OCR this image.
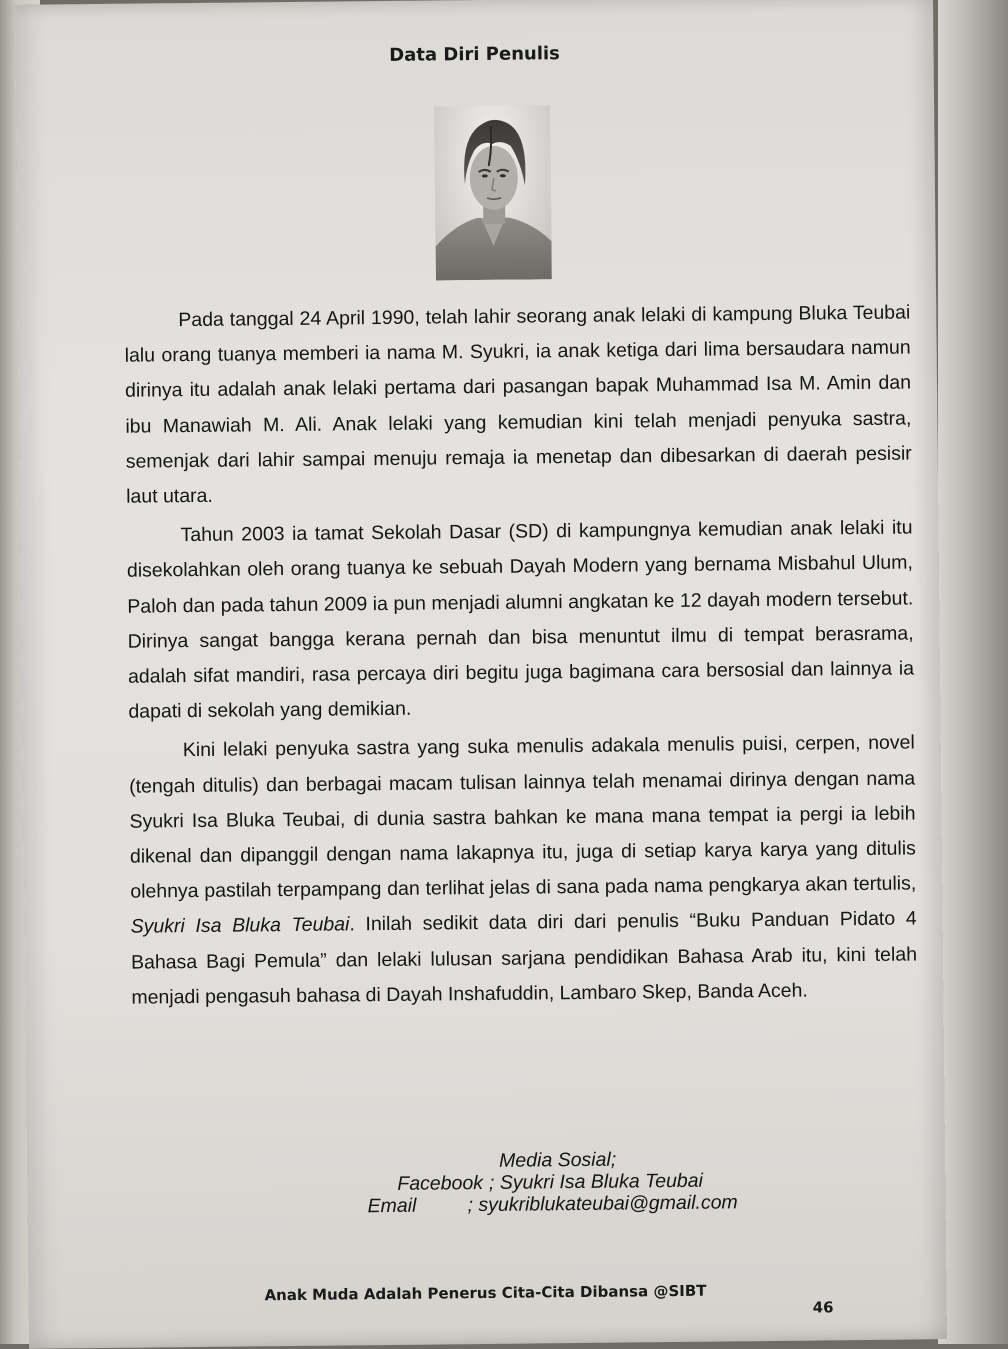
Data Diri Penulis

Pada tanggal 24 April 1990, telah lahir seorang anak lelaki di kampung Bluka Teubai lalu orang tuanya memberi ia nama M. Syukri, ia anak ketiga dari lima bersaudara namun dirinya itu adalah anak lelaki pertama dari pasangan bapak Muhammad Isa M. Amin dan ibu Manawiah M. Ali. Anak lelaki yang kemudian kini telah menjadi penyuka sastra, semenjak dari lahir sampai menuju remaja ia menetap dan dibesarkan di daerah pesisir laut utara.

Tahun 2003 ia tamat Sekolah Dasar (SD) di kampungnya kemudian anak lelaki itu disekolahkan oleh orang tuanya ke sebuah Dayah Modern yang bernama Misbahul Ulum, Paloh dan pada tahun 2009 ia pun menjadi alumni angkatan ke 12 dayah modern tersebut. Dirinya sangat bangga kerana pernah dan bisa menuntut ilmu di tempat berasrama, adalah sifat mandiri, rasa percaya diri begitu juga bagimana cara bersosial dan lainnya ia dapati di sekolah yang demikian.

Kini lelaki penyuka sastra yang suka menulis adakala menulis puisi, cerpen, novel (tengah ditulis) dan berbagai macam tulisan lainnya telah menamai dirinya dengan nama Syukri Isa Bluka Teubai, di dunia sastra bahkan ke mana mana tempat ia pergi ia lebih dikenal dan dipanggil dengan nama lakapnya itu, juga di setiap karya karya yang ditulis olehnya pastilah terpampang dan terlihat jelas di sana pada nama pengkarya akan tertulis, Syukri Isa Bluka Teubai. Inilah sedikit data diri dari penulis “Buku Panduan Pidato 4 Bahasa Bagi Pemula” dan lelaki lulusan sarjana pendidikan Bahasa Arab itu, kini telah menjadi pengasuh bahasa di Dayah Inshafuddin, Lambaro Skep, Banda Aceh.

Media Sosial;
Facebook ; Syukri Isa Bluka Teubai
Email	; syukriblukateubai@gmail.com
Anak Muda Adalah Penerus Cita-Cita Dibansa @SIBT
46
